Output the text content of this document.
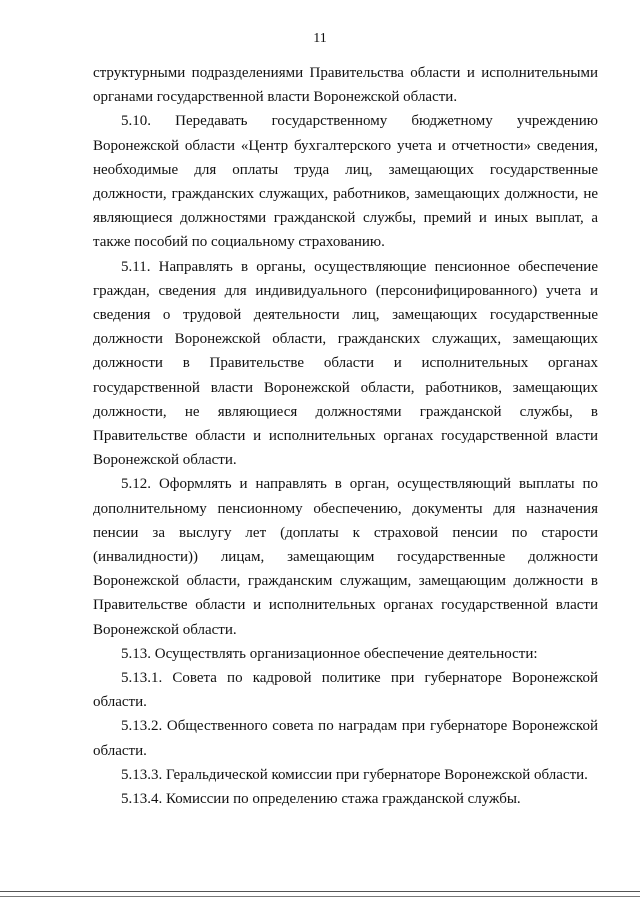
11

структурными подразделениями Правительства области и исполнительными органами государственной власти Воронежской области.

5.10. Передавать государственному бюджетному учреждению Воронежской области «Центр бухгалтерского учета и отчетности» сведения, необходимые для оплаты труда лиц, замещающих государственные должности, гражданских служащих, работников, замещающих должности, не являющиеся должностями гражданской службы, премий и иных выплат, а также пособий по социальному страхованию.

5.11. Направлять в органы, осуществляющие пенсионное обеспечение граждан, сведения для индивидуального (персонифицированного) учета и сведения о трудовой деятельности лиц, замещающих государственные должности Воронежской области, гражданских служащих, замещающих должности в Правительстве области и исполнительных органах государственной власти Воронежской области, работников, замещающих должности, не являющиеся должностями гражданской службы, в Правительстве области и исполнительных органах государственной власти Воронежской области.

5.12. Оформлять и направлять в орган, осуществляющий выплаты по дополнительному пенсионному обеспечению, документы для назначения пенсии за выслугу лет (доплаты к страховой пенсии по старости (инвалидности)) лицам, замещающим государственные должности Воронежской области, гражданским служащим, замещающим должности в Правительстве области и исполнительных органах государственной власти Воронежской области.

5.13. Осуществлять организационное обеспечение деятельности:

5.13.1. Совета по кадровой политике при губернаторе Воронежской области.

5.13.2. Общественного совета по наградам при губернаторе Воронежской области.

5.13.3. Геральдической комиссии при губернаторе Воронежской области.

5.13.4. Комиссии по определению стажа гражданской службы.
